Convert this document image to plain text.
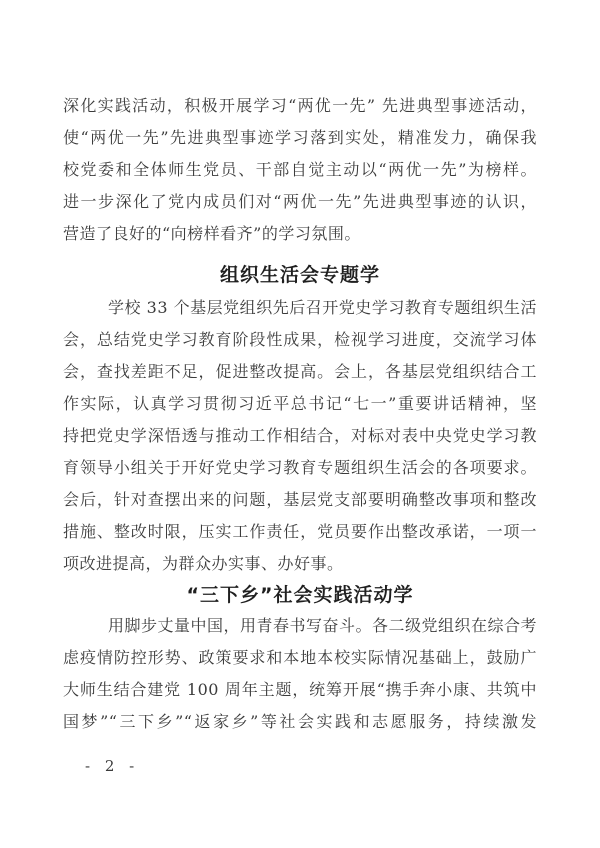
深化实践活动，积极开展学习“两优一先” 先进典型事迹活动，
使“两优一先”先进典型事迹学习落到实处，精准发力，确保我
校党委和全体师生党员、干部自觉主动以“两优一先”为榜样。
进一步深化了党内成员们对“两优一先”先进典型事迹的认识，
营造了良好的“向榜样看齐”的学习氛围。
组织生活会专题学
学校 33 个基层党组织先后召开党史学习教育专题组织生活
会，总结党史学习教育阶段性成果，检视学习进度，交流学习体
会，查找差距不足，促进整改提高。会上，各基层党组织结合工
作实际，认真学习贯彻习近平总书记“七一”重要讲话精神，坚
持把党史学深悟透与推动工作相结合，对标对表中央党史学习教
育领导小组关于开好党史学习教育专题组织生活会的各项要求。
会后，针对查摆出来的问题，基层党支部要明确整改事项和整改
措施、整改时限，压实工作责任，党员要作出整改承诺，一项一
项改进提高，为群众办实事、办好事。
“三下乡”社会实践活动学
用脚步丈量中国，用青春书写奋斗。各二级党组织在综合考
虑疫情防控形势、政策要求和本地本校实际情况基础上，鼓励广
大师生结合建党 100 周年主题，统筹开展“携手奔小康、共筑中
国梦”“三下乡”“返家乡”等社会实践和志愿服务，持续激发
- 2 -
